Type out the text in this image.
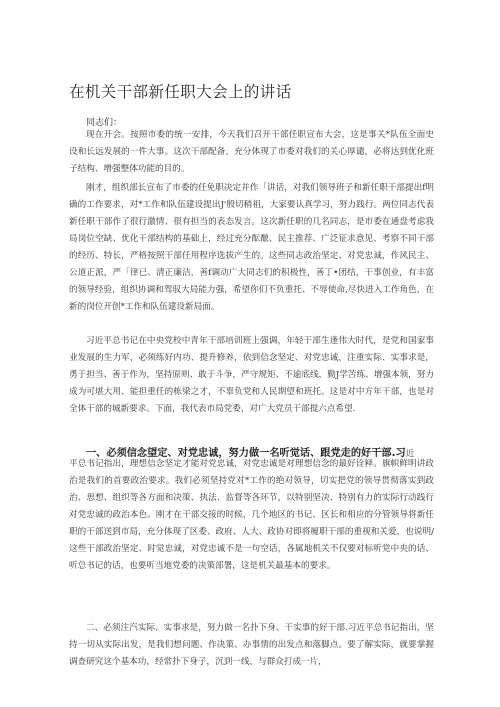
在机关干部新任职大会上的讲话
同志们：
现在开会。按照市委的统一安排，今天我们召开干部任职宣布大会，这是事关*队伍全面史设和长远发展的一件大事。这次干部配备，充分体现了市委对我们的关心厚谴，必将达到优化班子结构、增强整体功能的目的。
刚才，组织部长宣布了市委的任免职决定并作「讲话，对我们领导班子和新任职干部提出f明确的工作要求，对*工作和队伍建设提出J'殷切稍祖，大家要认真学习，努力践行。两位同志代表新任职干部作了很行激情、很有担当的表态发言。这次新任职的几名同志，是市委在通盘考虑我局岗位空缺、优化干部结构的基础上，经过充分酝酿、民主推荐、广泛征求意见、考察不同干部的经历、特长，严格按照干部任用程序选拔产生的。这些同志政治坚定、对党忠诚，作风民主、公道正派，严「律已、清正廉洁，善f调动广大同志们的积极性，善丁•团结，干事创业，有丰富的领导经验，组织协调和驾驭大局能力强，希望你们不负重托、不辱使命,尽快进入工作角色，在新的岗位开创*工作和队伍建设新局面。
习近平总书记在中央党校中青年干部培训班上强调，年轻干部生逢伟大时代，是党和国家事业发展的生力军，必须练好内功、提升修养，依到信念坚定、对党忠诚，注重实际、实事求是，勇于担当、善于作为，坚持原则、敢于斗争，严守规矩、不逾底线，勤J学苦练、增强本领，努力成为可堪大用、能担重任的栋梁之才，不辜负党和人民期望和班托。这是对中方年干部，也是对全体干部的城新要求。下面，我代表市局党委，对广大党员干部提六点希望.
一、必须信念望定、对党忠诚，努力做一名听觉话、跟党走的好干部.习近
平总书记指出，理想信念坚定才能对党忠诚，对党忠诚是对理想信念的最好诠释。旗帜鲜明讲政治是我们的首要政治要求。我们必须坚持党对*工作的绝对领导，切实把党的领导贯彻落实到政治、思想、组织等各方面和决策、执法、监督等各环节，以特别坚决、特别有力的实际行动践行对党忠诚的政治本色。刚才在干部交接的时候，几个地区的书记、区长和相应的分管领导将新任职的干部送到市局，充分体现了区委、政府、人大、政协对即将履职干部的重视和关爱，也说明/这些干部政治坚定、时觉忠诚，对党忠诚不是一句空话，各属地机关不仅要对标听党中央的话、听总书记的话，也要听当地党委的决策部署，这是机关最基本的要求。
二、必须注汽实际、实事求是，努力做一名扑下身、干实事的好干部.习近平总书记指出，坚持一切从实际出发，是我们想问题、作决策、办事情的出发点和落脚点。要了解实际，就要掌握调查研究这个基本功，经常扑下身子，沉到一线，与群众打成一片，
